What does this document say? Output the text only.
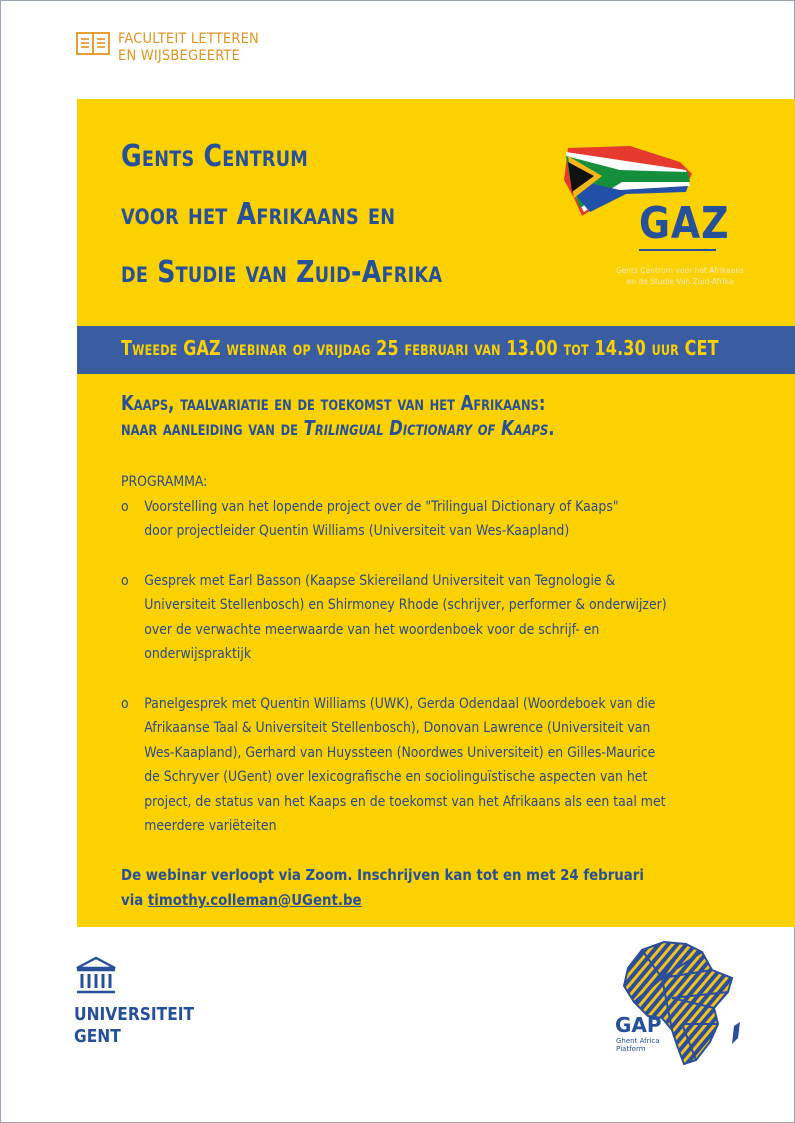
FACULTEIT LETTEREN
EN WIJSBEGEERTE
Gents Centrum
voor het Afrikaans en
de Studie van Zuid-Afrika
GAZ
Gents Centrum voor het Afrikaans
en de Studie Van Zuid-Afrika
Tweede GAZ webinar op vrijdag 25 februari van 13.00 tot 14.30 uur CET
Kaaps, taalvariatie en de toekomst van het Afrikaans:
naar aanleiding van de Trilingual Dictionary of Kaaps.
PROGRAMMA:
o Voorstelling van het lopende project over de "Trilingual Dictionary of Kaaps"
door projectleider Quentin Williams (Universiteit van Wes-Kaapland)
o Gesprek met Earl Basson (Kaapse Skiereiland Universiteit van Tegnologie &
Universiteit Stellenbosch) en Shirmoney Rhode (schrijver, performer & onderwijzer)
over de verwachte meerwaarde van het woordenboek voor de schrijf- en
onderwijspraktijk
o Panelgesprek met Quentin Williams (UWK), Gerda Odendaal (Woordeboek van die
Afrikaanse Taal & Universiteit Stellenbosch), Donovan Lawrence (Universiteit van
Wes-Kaapland), Gerhard van Huyssteen (Noordwes Universiteit) en Gilles-Maurice
de Schryver (UGent) over lexicografische en sociolinguïstische aspecten van het
project, de status van het Kaaps en de toekomst van het Afrikaans als een taal met
meerdere variëteiten
De webinar verloopt via Zoom. Inschrijven kan tot en met 24 februari
via timothy.colleman@UGent.be
UNIVERSITEIT
GENT	GAP
Ghent Africa
Platform
